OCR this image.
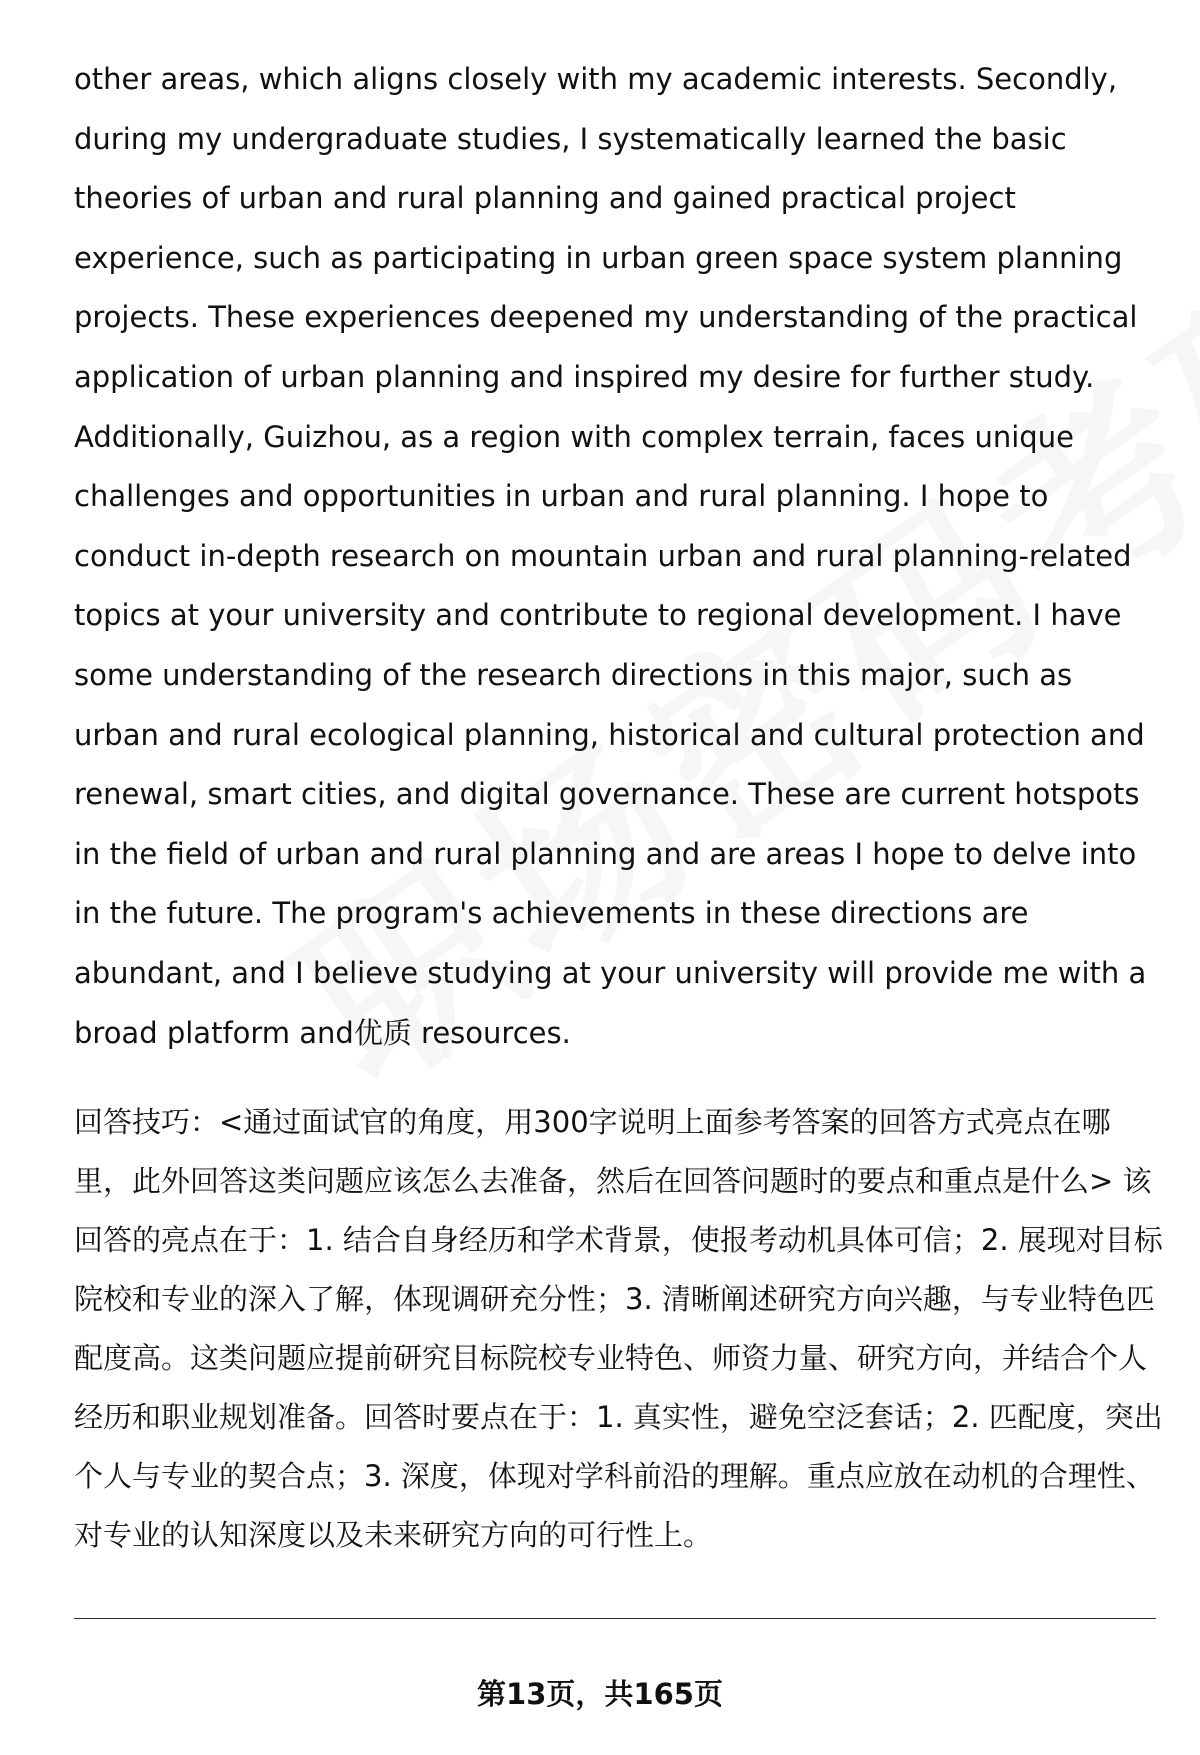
other areas, which aligns closely with my academic interests. Secondly, during my undergraduate studies, I systematically learned the basic theories of urban and rural planning and gained practical project experience, such as participating in urban green space system planning projects. These experiences deepened my understanding of the practical application of urban planning and inspired my desire for further study. Additionally, Guizhou, as a region with complex terrain, faces unique challenges and opportunities in urban and rural planning. I hope to conduct in-depth research on mountain urban and rural planning-related topics at your university and contribute to regional development. I have some understanding of the research directions in this major, such as urban and rural ecological planning, historical and cultural protection and renewal, smart cities, and digital governance. These are current hotspots in the field of urban and rural planning and are areas I hope to delve into in the future. The program's achievements in these directions are abundant, and I believe studying at your university will provide me with a broad platform and优质 resources.

回答技巧：<通过面试官的角度，用300字说明上面参考答案的回答方式亮点在哪里，此外回答这类问题应该怎么去准备，然后在回答问题时的要点和重点是什么> 该回答的亮点在于：1. 结合自身经历和学术背景，使报考动机具体可信；2. 展现对目标院校和专业的深入了解，体现调研充分性；3. 清晰阐述研究方向兴趣，与专业特色匹配度高。这类问题应提前研究目标院校专业特色、师资力量、研究方向，并结合个人经历和职业规划准备。回答时要点在于：1. 真实性，避免空泛套话；2. 匹配度，突出个人与专业的契合点；3. 深度，体现对学科前沿的理解。重点应放在动机的合理性、对专业的认知深度以及未来研究方向的可行性上。

第13页，共165页
